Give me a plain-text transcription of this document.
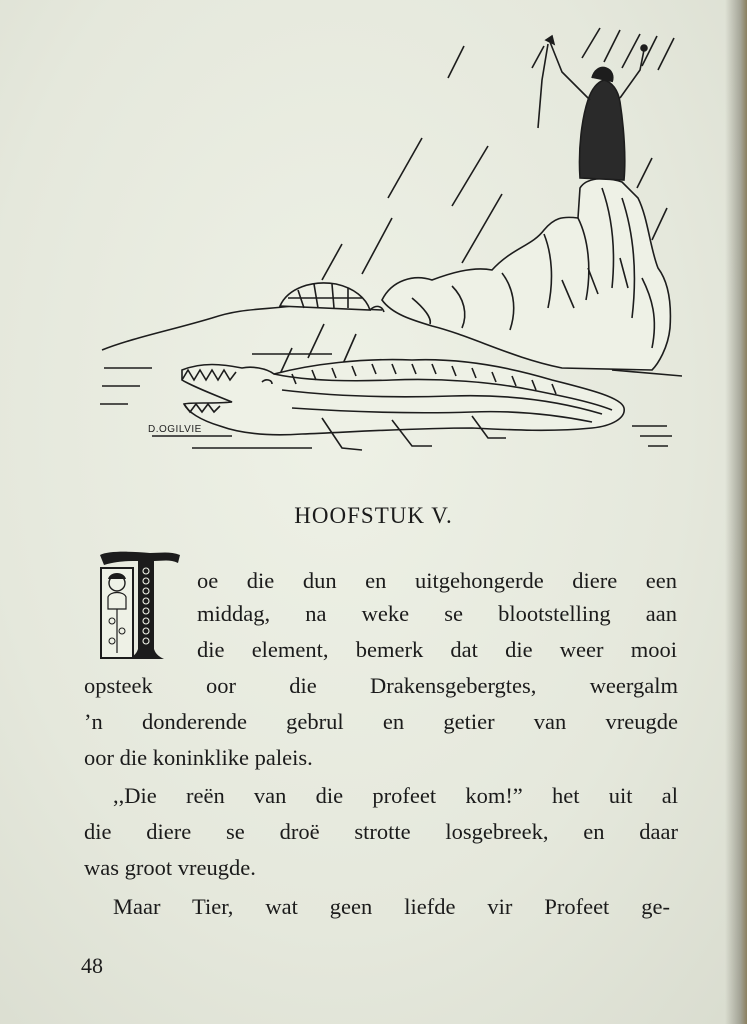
D.OGILVIE
HOOFSTUK V.
oe die dun en uitgehongerde diere een
middag, na weke se blootstelling aan
die element, bemerk dat die weer mooi
opsteek oor die Drakensgebergtes, weergalm
’n donderende gebrul en getier van vreugde
oor die koninklike paleis.
,,Die reën van die profeet kom!” het uit al
die diere se droë strotte losgebreek, en daar
was groot vreugde.
Maar Tier, wat geen liefde vir Profeet ge-
48
